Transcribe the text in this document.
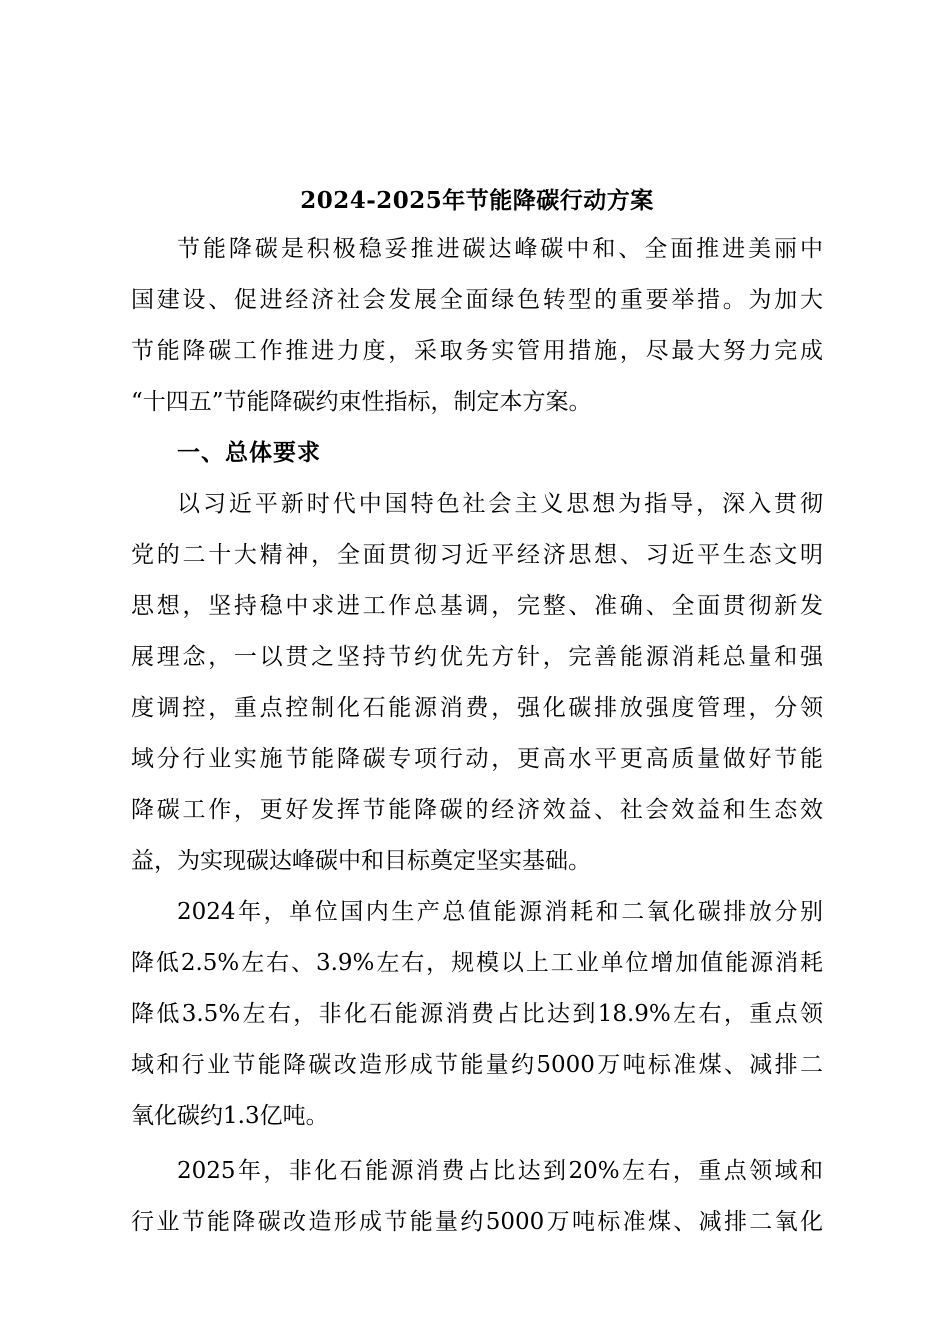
2024-2025年节能降碳行动方案
节能降碳是积极稳妥推进碳达峰碳中和、全面推进美丽中
国建设、促进经济社会发展全面绿色转型的重要举措。为加大
节能降碳工作推进力度，采取务实管用措施，尽最大努力完成
“十四五”节能降碳约束性指标，制定本方案。
一、总体要求
以习近平新时代中国特色社会主义思想为指导，深入贯彻
党的二十大精神，全面贯彻习近平经济思想、习近平生态文明
思想，坚持稳中求进工作总基调，完整、准确、全面贯彻新发
展理念，一以贯之坚持节约优先方针，完善能源消耗总量和强
度调控，重点控制化石能源消费，强化碳排放强度管理，分领
域分行业实施节能降碳专项行动，更高水平更高质量做好节能
降碳工作，更好发挥节能降碳的经济效益、社会效益和生态效
益，为实现碳达峰碳中和目标奠定坚实基础。
2024年，单位国内生产总值能源消耗和二氧化碳排放分别
降低2.5%左右、3.9%左右，规模以上工业单位增加值能源消耗
降低3.5%左右，非化石能源消费占比达到18.9%左右，重点领
域和行业节能降碳改造形成节能量约5000万吨标准煤、减排二
氧化碳约1.3亿吨。
2025年，非化石能源消费占比达到20%左右，重点领域和
行业节能降碳改造形成节能量约5000万吨标准煤、减排二氧化
